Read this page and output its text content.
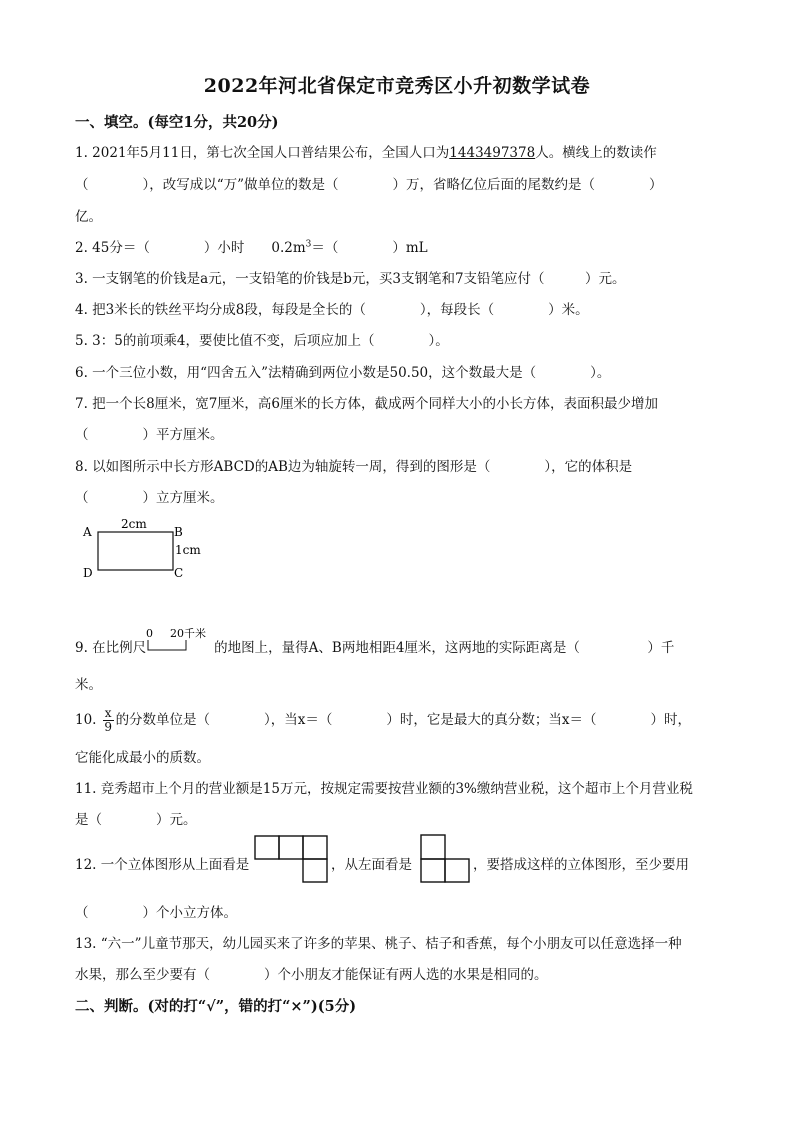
2022年河北省保定市竞秀区小升初数学试卷
一、填空。(每空1分，共20分)
1. 2021年5月11日，第七次全国人口普结果公布，全国人口为1443497378人。横线上的数读作
（　　　　），改写成以“万”做单位的数是（　　　　）万，省略亿位后面的尾数约是（　　　　）
亿。
2. 45分＝（　　　　）小时　　$0.2m^3=$（　　　　）mL
3. 一支钢笔的价钱是a元，一支铅笔的价钱是b元，买3支钢笔和7支铅笔应付（　　　）元。
4. 把3米长的铁丝平均分成8段，每段是全长的（　　　　），每段长（　　　　）米。
5. 3：5的前项乘4，要使比值不变，后项应加上（　　　　）。
6. 一个三位小数，用“四舍五入”法精确到两位小数是50.50，这个数最大是（　　　　）。
7. 把一个长8厘米，宽7厘米，高6厘米的长方体，截成两个同样大小的小长方体，表面积最少增加
（　　　　）平方厘米。
8. 以如图所示中长方形ABCD的AB边为轴旋转一周，得到的图形是（　　　　），它的体积是
（　　　　）立方厘米。
A	B
C
D
2cm
1cm
9. 在比例尺
0 20千米
的地图上，量得A、B两地相距4厘米，这两地的实际距离是（　　　　　）千
米。
10. $\frac{x}{9}$ 的分数单位是（　　　　），当x＝（　　　　）时，它是最大的真分数；当x＝（　　　　）时，
它能化成最小的质数。
11. 竞秀超市上个月的营业额是15万元，按规定需要按营业额的3%缴纳营业税，这个超市上个月营业税
是（　　　　）元。
12. 一个立体图形从上面看是	，从左面看是	，要搭成这样的立体图形，至少要用
（　　　　）个小立方体。
13. “六一”儿童节那天，幼儿园买来了许多的苹果、桃子、桔子和香蕉，每个小朋友可以任意选择一种
水果，那么至少要有（　　　　）个小朋友才能保证有两人选的水果是相同的。
二、判断。(对的打“√”，错的打“×”)(5分)
